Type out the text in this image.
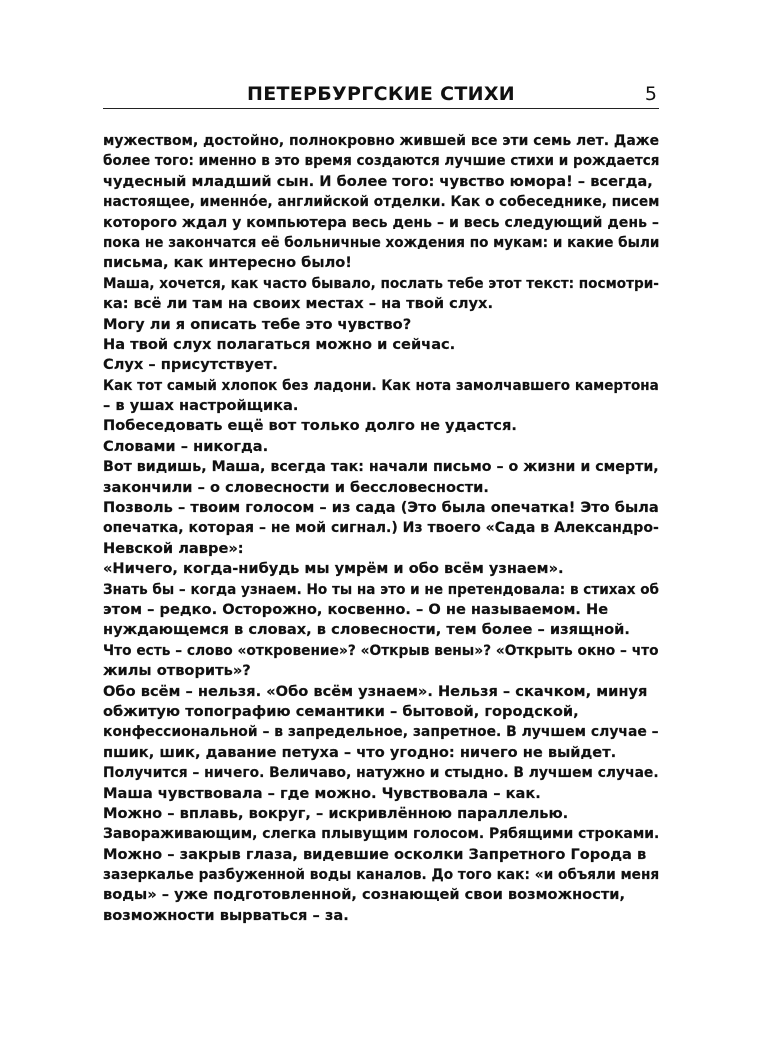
ПЕТЕРБУРГСКИЕ СТИХИ	5
мужеством, достойно, полнокровно жившей все эти семь лет. Даже
более того: именно в это время создаются лучшие стихи и рождается
чудесный младший сын. И более того: чувство юмора! – всегда,
настоящее, именнóе, английской отделки. Как о собеседнике, писем
которого ждал у компьютера весь день – и весь следующий день –
пока не закончатся её больничные хождения по мукам: и какие были
письма, как интересно было!
Маша, хочется, как часто бывало, послать тебе этот текст: посмотри-
ка: всё ли там на своих местах – на твой слух.
Могу ли я описать тебе это чувство?
На твой слух полагаться можно и сейчас.
Слух – присутствует.
Как тот самый хлопок без ладони. Как нота замолчавшего камертона
– в ушах настройщика.
Побеседовать ещё вот только долго не удастся.
Словами – никогда.
Вот видишь, Маша, всегда так: начали письмо – о жизни и смерти,
закончили – о словесности и бессловесности.
Позволь – твоим голосом – из сада (Это была опечатка! Это была
опечатка, которая – не мой сигнал.) Из твоего «Сада в Александро-
Невской лавре»:
«Ничего, когда-нибудь мы умрём и обо всём узнаем».
Знать бы – когда узнаем. Но ты на это и не претендовала: в стихах об
этом – редко. Осторожно, косвенно. – О не называемом. Не
нуждающемся в словах, в словесности, тем более – изящной.
Что есть – слово «откровение»? «Открыв вены»? «Открыть окно – что
жилы отворить»?
Обо всём – нельзя. «Обо всём узнаем». Нельзя – скачком, минуя
обжитую топографию семантики – бытовой, городской,
конфессиональной – в запредельное, запретное. В лучшем случае –
пшик, шик, давание петуха – что угодно: ничего не выйдет.
Получится – ничего. Величаво, натужно и стыдно. В лучшем случае.
Маша чувствовала – где можно. Чувствовала – как.
Можно – вплавь, вокруг, – искривлённою параллелью.
Завораживающим, слегка плывущим голосом. Рябящими строками.
Можно – закрыв глаза, видевшие осколки Запретного Города в
зазеркалье разбуженной воды каналов. До того как: «и объяли меня
воды» – уже подготовленной, сознающей свои возможности,
возможности вырваться – за.
